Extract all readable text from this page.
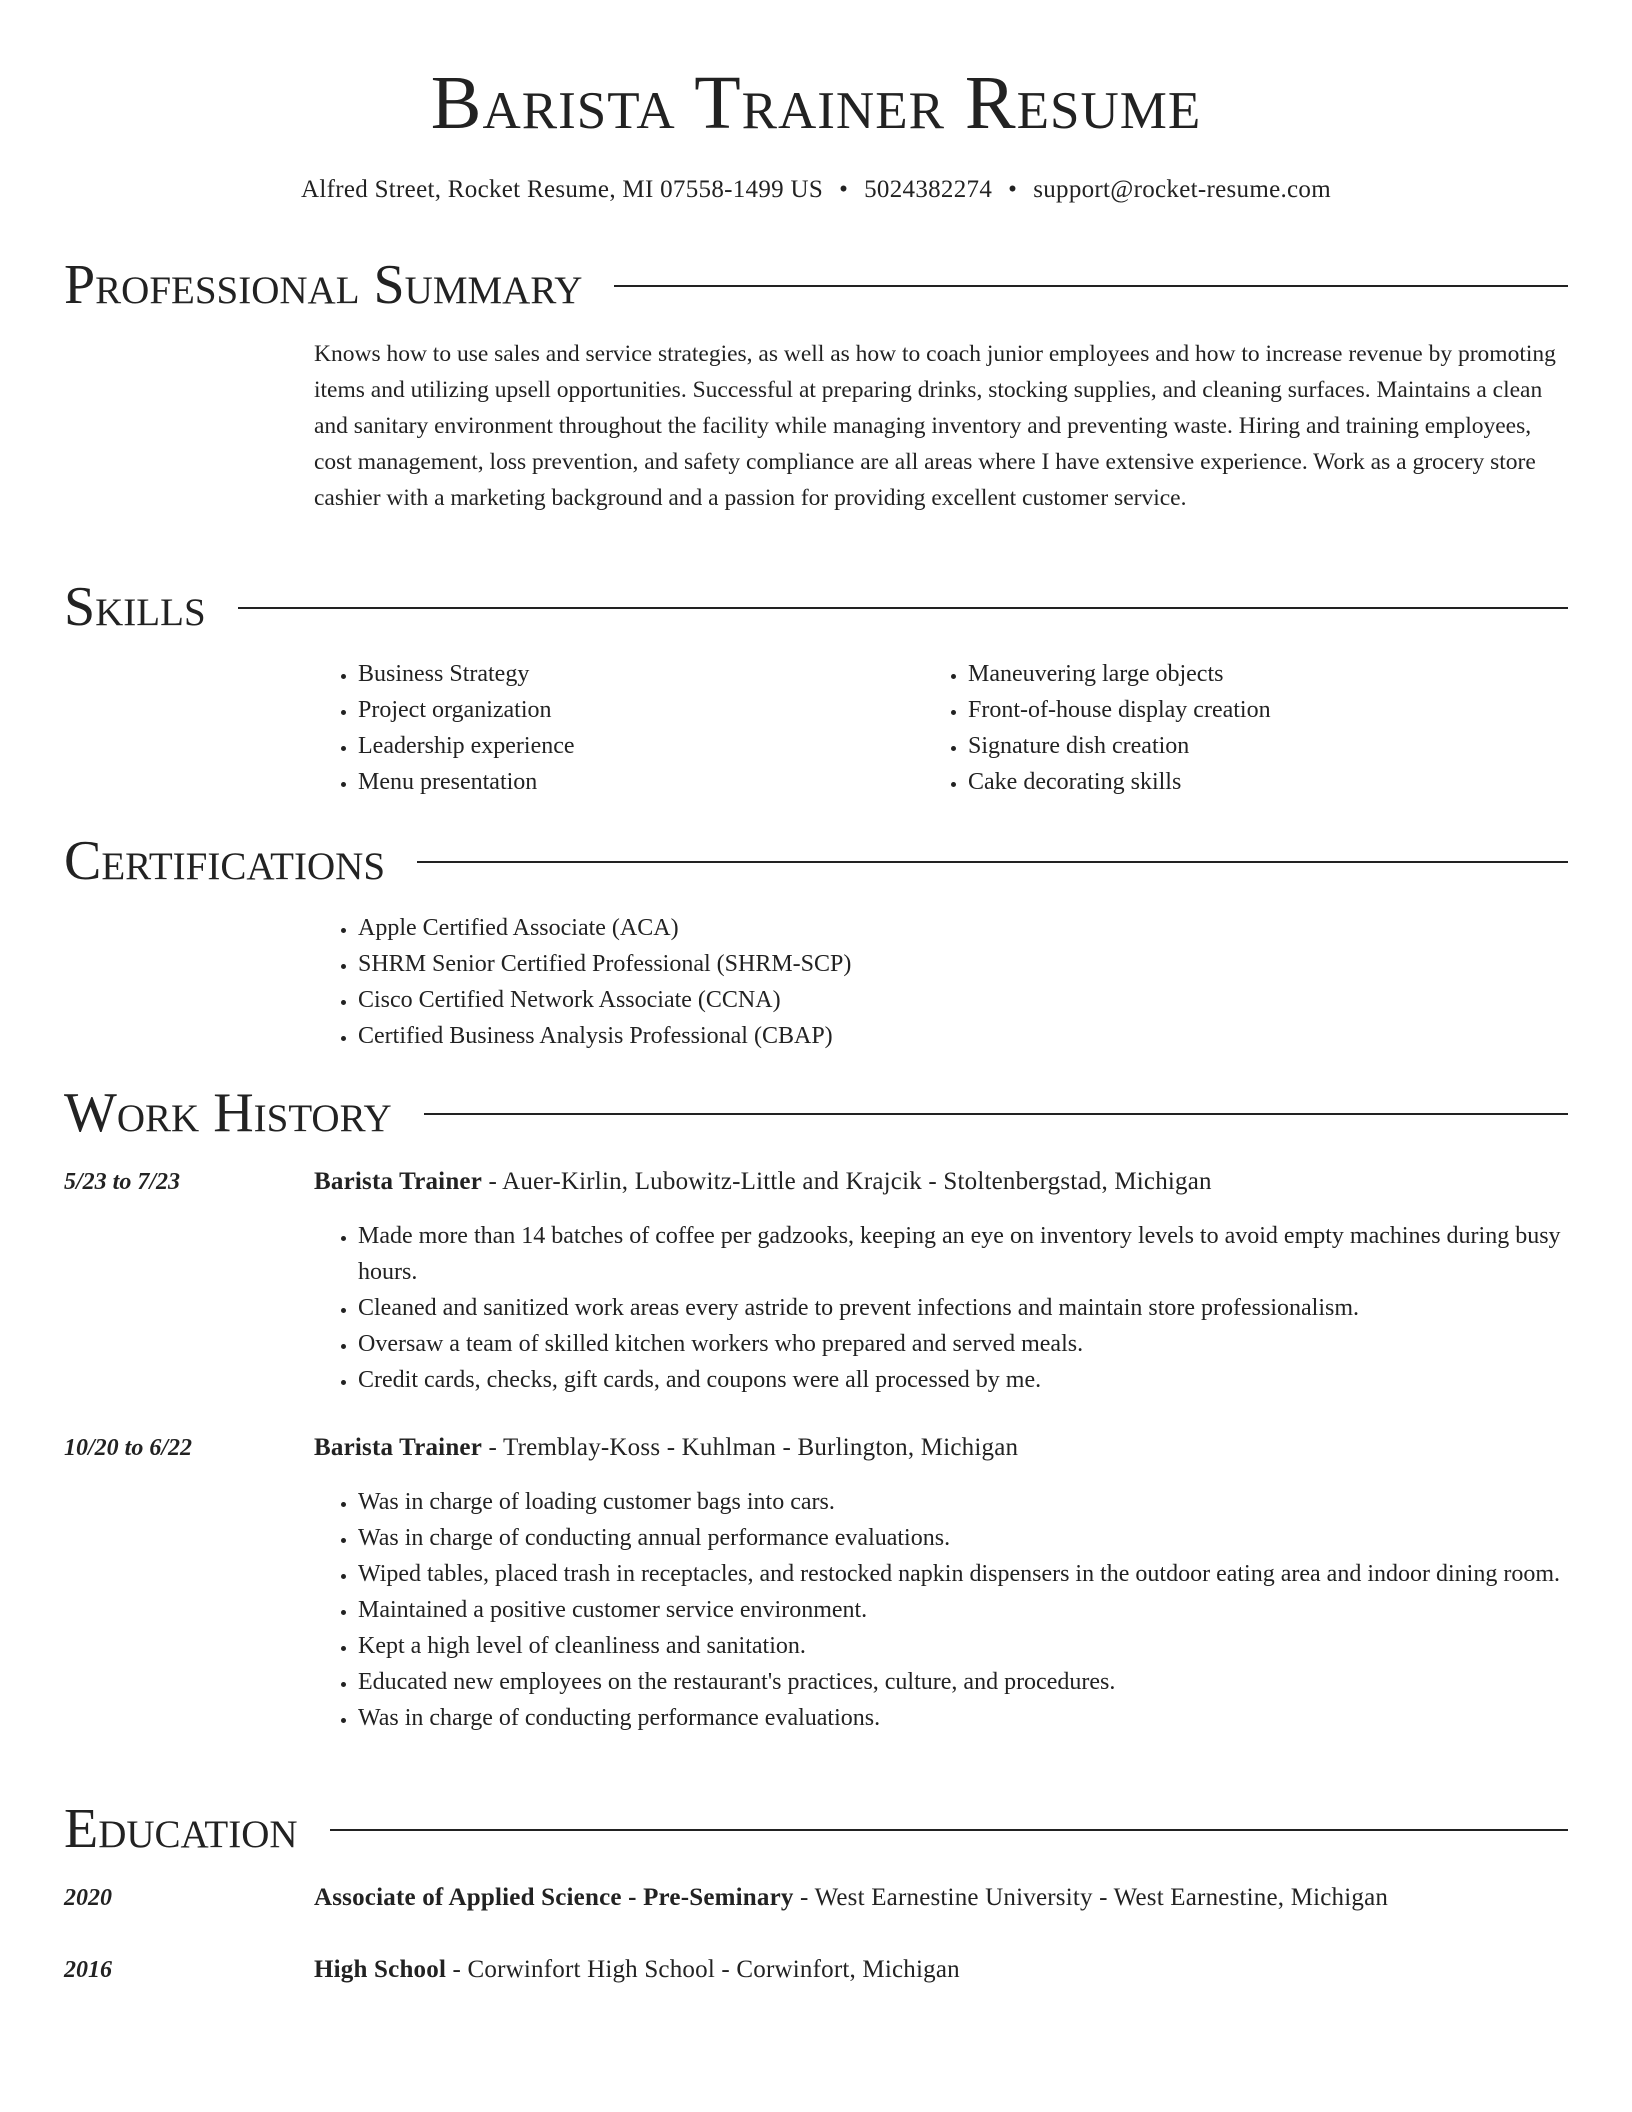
Barista Trainer Resume
Alfred Street, Rocket Resume, MI 07558-1499 US • 5024382274 • support@rocket-resume.com
Professional Summary

Knows how to use sales and service strategies, as well as how to coach junior employees and how to increase revenue by promoting items and utilizing upsell opportunities. Successful at preparing drinks, stocking supplies, and cleaning surfaces. Maintains a clean and sanitary environment throughout the facility while managing inventory and preventing waste. Hiring and training employees, cost management, loss prevention, and safety compliance are all areas where I have extensive experience. Work as a grocery store cashier with a marketing background and a passion for providing excellent customer service.

Skills
• Business Strategy
• Project organization
• Leadership experience
• Menu presentation
• Maneuvering large objects
• Front-of-house display creation
• Signature dish creation
• Cake decorating skills
Certifications
• Apple Certified Associate (ACA)
• SHRM Senior Certified Professional (SHRM-SCP)
• Cisco Certified Network Associate (CCNA)
• Certified Business Analysis Professional (CBAP)
Work History
5/23 to 7/23	Barista Trainer - Auer-Kirlin, Lubowitz-Little and Krajcik - Stoltenbergstad, Michigan
• Made more than 14 batches of coffee per gadzooks, keeping an eye on inventory levels to avoid empty machines during busy hours.
• Cleaned and sanitized work areas every astride to prevent infections and maintain store professionalism.
• Oversaw a team of skilled kitchen workers who prepared and served meals.
• Credit cards, checks, gift cards, and coupons were all processed by me.
10/20 to 6/22	Barista Trainer - Tremblay-Koss - Kuhlman - Burlington, Michigan
• Was in charge of loading customer bags into cars.
• Was in charge of conducting annual performance evaluations.
• Wiped tables, placed trash in receptacles, and restocked napkin dispensers in the outdoor eating area and indoor dining room.
• Maintained a positive customer service environment.
• Kept a high level of cleanliness and sanitation.
• Educated new employees on the restaurant's practices, culture, and procedures.
• Was in charge of conducting performance evaluations.
Education
2020	Associate of Applied Science - Pre-Seminary - West Earnestine University - West Earnestine, Michigan
2016	High School - Corwinfort High School - Corwinfort, Michigan
